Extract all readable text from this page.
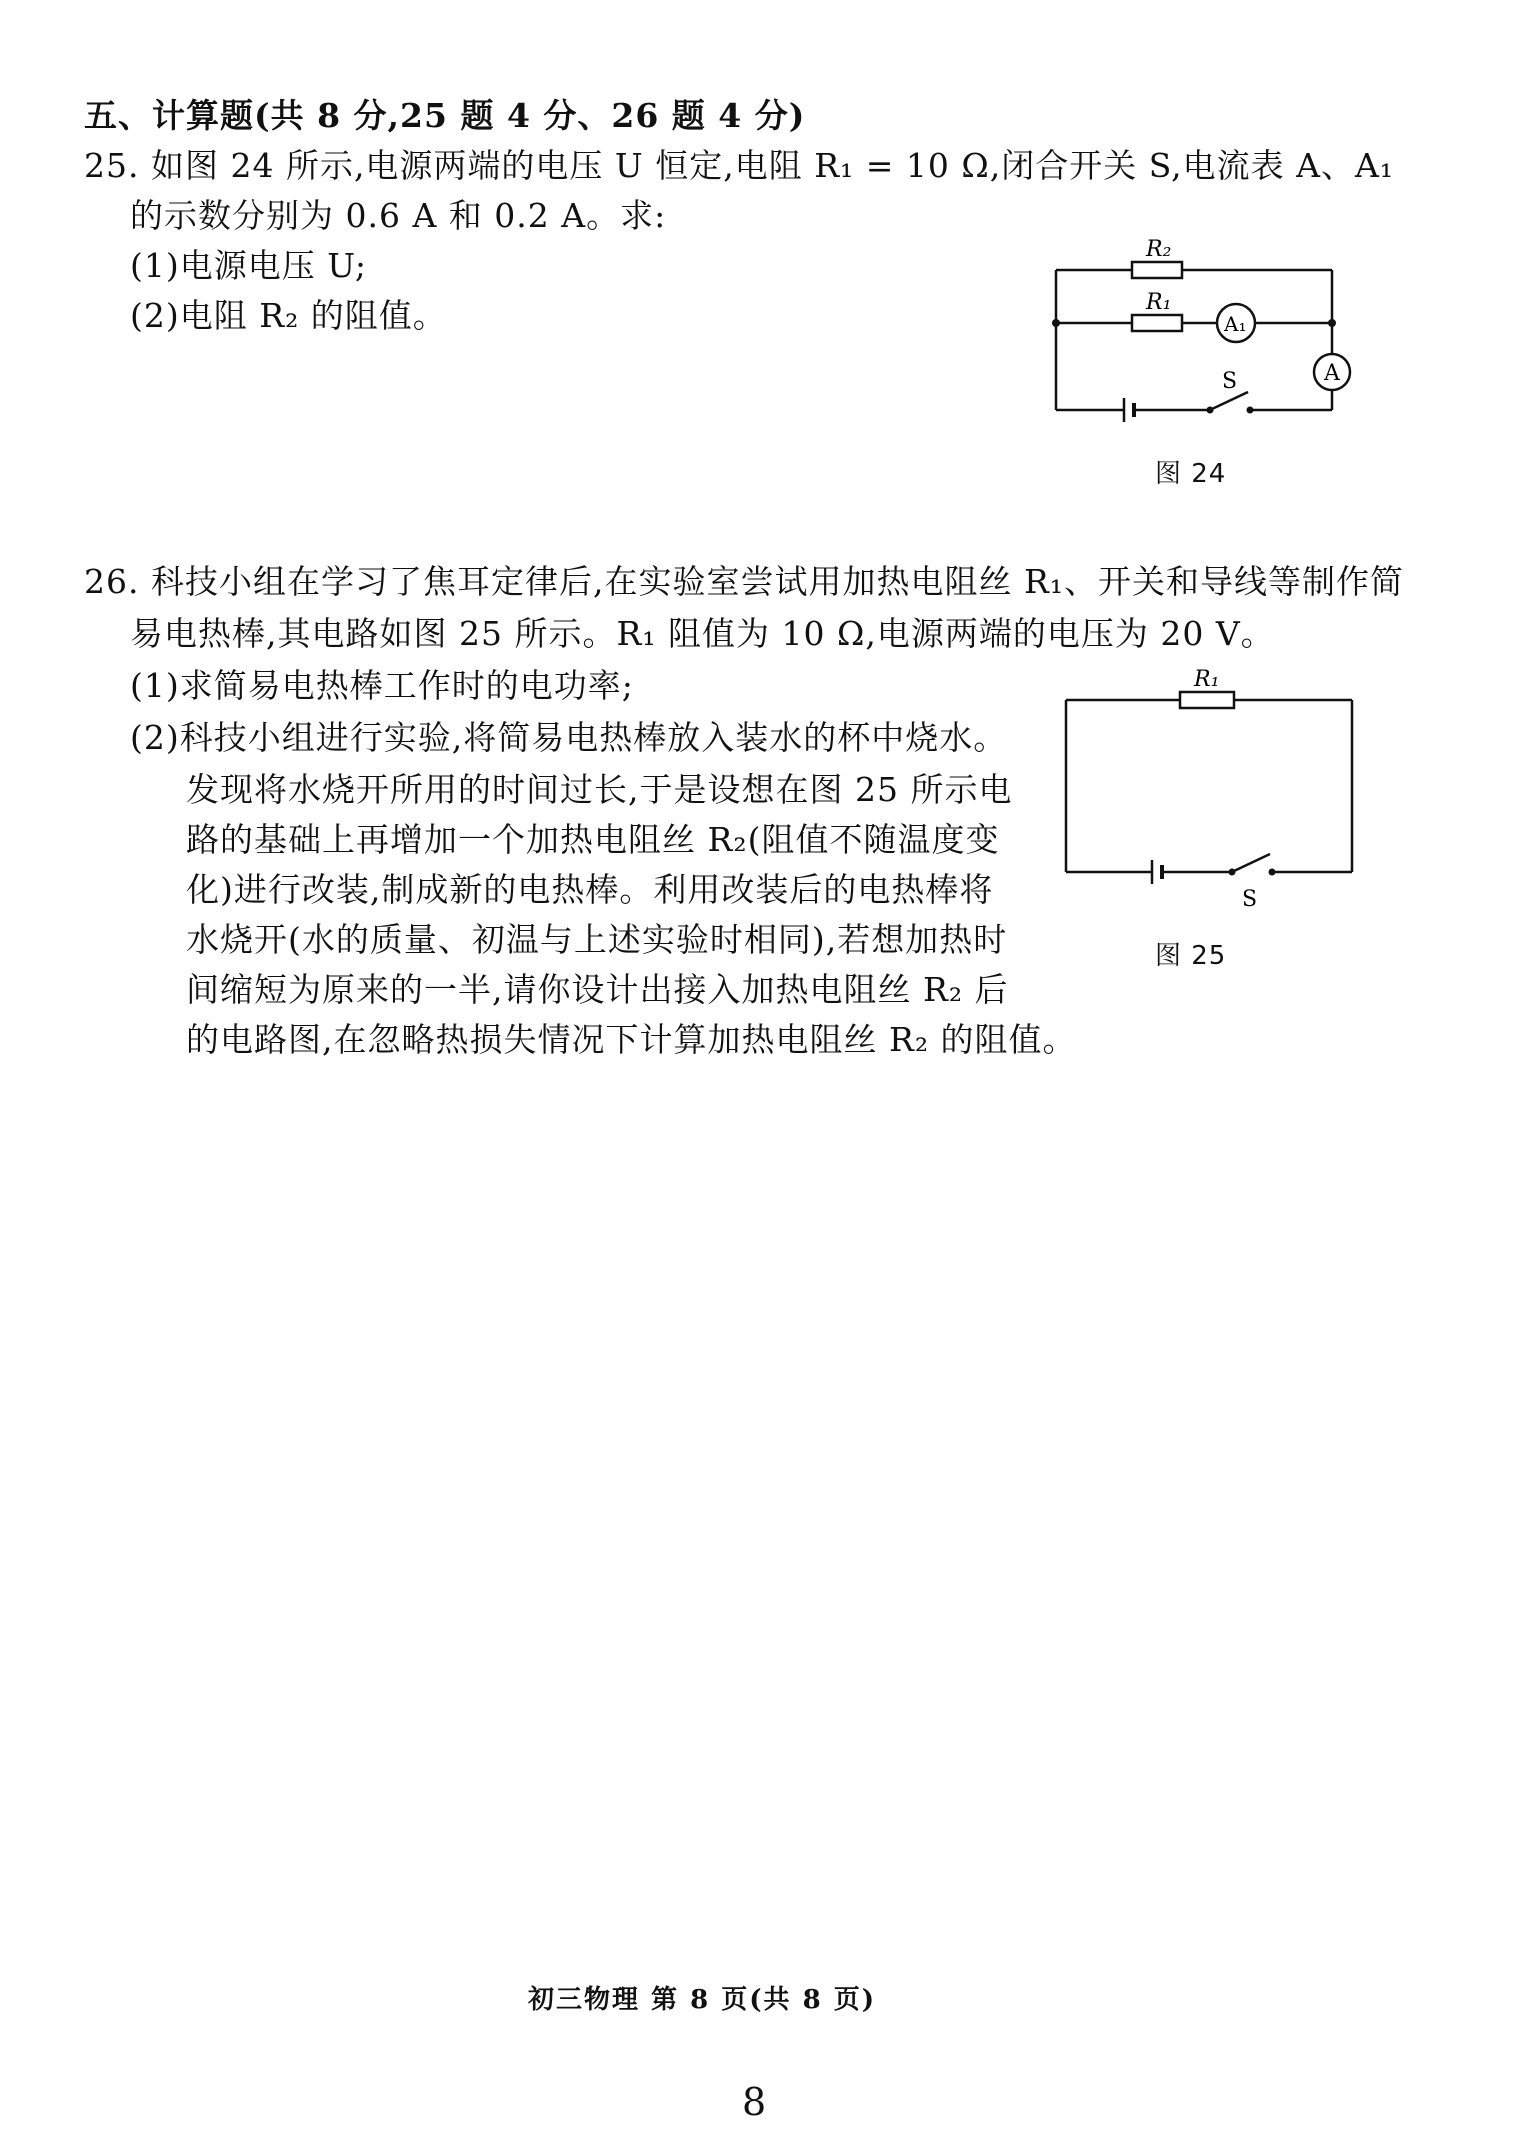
五、计算题(共 8 分,25 题 4 分、26 题 4 分)
25. 如图 24 所示,电源两端的电压 U 恒定,电阻 R₁ = 10 Ω,闭合开关 S,电流表 A、A₁
的示数分别为 0.6 A 和 0.2 A。求:
(1)电源电压 U;
(2)电阻 R₂ 的阻值。
R₂
R₁
A₁
A
S
图 24
26. 科技小组在学习了焦耳定律后,在实验室尝试用加热电阻丝 R₁、开关和导线等制作简
易电热棒,其电路如图 25 所示。R₁ 阻值为 10 Ω,电源两端的电压为 20 V。
(1)求简易电热棒工作时的电功率;
(2)科技小组进行实验,将简易电热棒放入装水的杯中烧水。
发现将水烧开所用的时间过长,于是设想在图 25 所示电
路的基础上再增加一个加热电阻丝 R₂(阻值不随温度变
化)进行改装,制成新的电热棒。利用改装后的电热棒将
水烧开(水的质量、初温与上述实验时相同),若想加热时
间缩短为原来的一半,请你设计出接入加热电阻丝 R₂ 后
的电路图,在忽略热损失情况下计算加热电阻丝 R₂ 的阻值。
R₁
S
图 25
初三物理 第 8 页(共 8 页)
8
